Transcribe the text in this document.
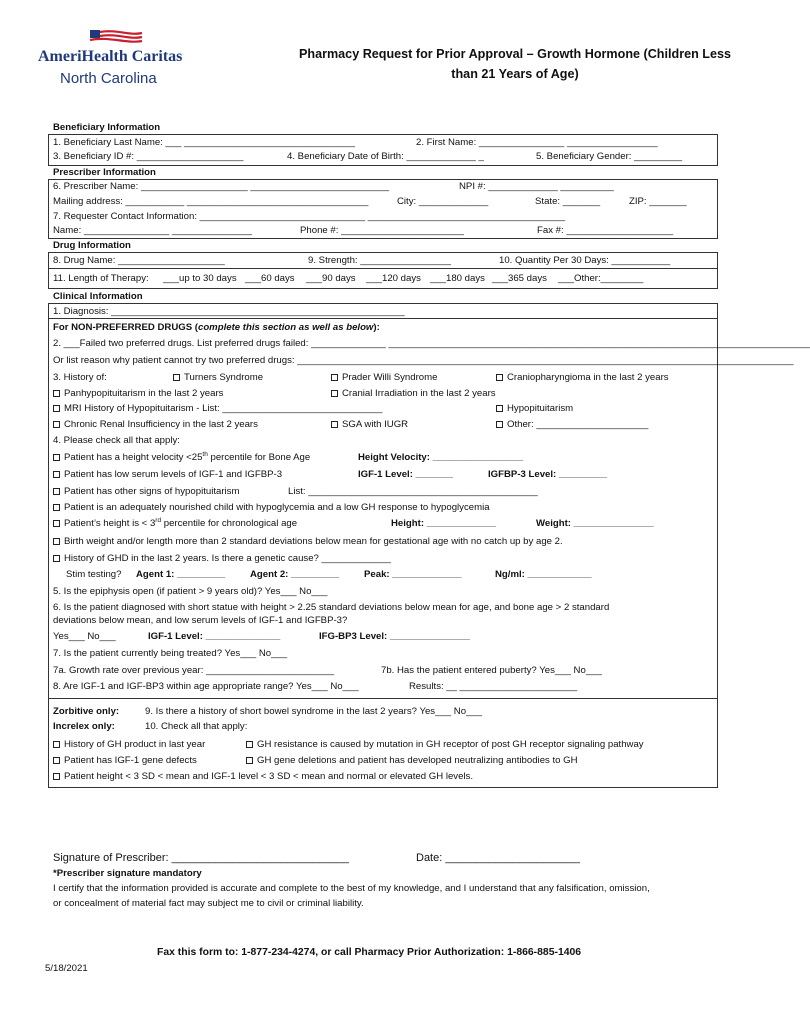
AmeriHealth Caritas
North Carolina
Pharmacy Request for Prior Approval – Growth Hormone (Children Less
than 21 Years of Age)
Beneficiary Information
1. Beneficiary Last Name: ___ ________________________________	2. First Name: ________________ _________________
3. Beneficiary ID #: ____________________	4. Beneficiary Date of Birth: _____________ _	5. Beneficiary Gender: _________
Prescriber Information
6. Prescriber Name: ____________________ __________________________	NPI #: _____________ __________
Mailing address: ___________ __________________________________	City: _____________	State: _______	ZIP: _______
7. Requester Contact Information: _______________________________ _____________________________________
Name: ________________ _______________	Phone #: _______________________	Fax #: ____________________
Drug Information
8. Drug Name: ____________________	9. Strength: _________________	10. Quantity Per 30 Days: ___________
11. Length of Therapy: ___up to 30 days ___60 days ___90 days ___120 days ___180 days ___365 days ___Other:________
Clinical Information
1. Diagnosis: _______________________________________________________
For NON-PREFERRED DRUGS (complete this section as well as below):
2. ___Failed two preferred drugs. List preferred drugs failed: ______________ _______________________________________________________________________________
Or list reason why patient cannot try two preferred drugs: _____________________________________________________________________________________________
3. History of:	Turners Syndrome	Prader Willi Syndrome	Craniopharyngioma in the last 2 years
Panhypopituitarism in the last 2 years	Cranial Irradiation in the last 2 years
MRI History of Hypopituitarism - List: ______________________________	Hypopituitarism
Chronic Renal Insufficiency in the last 2 years	SGA with IUGR	Other: _____________________
4. Please check all that apply:
Patient has a height velocity <25th percentile for Bone Age	Height Velocity: _________________
Patient has low serum levels of IGF-1 and IGFBP-3	IGF-1 Level: _______	IGFBP-3 Level: _________
Patient has other signs of hypopituitarism	List: ___________________________________________
Patient is an adequately nourished child with hypoglycemia and a low GH response to hypoglycemia
Patient’s height is < 3rd percentile for chronological age	Height: _____________	Weight: _______________
Birth weight and/or length more than 2 standard deviations below mean for gestational age with no catch up by age 2.
History of GHD in the last 2 years. Is there a genetic cause? _____________
Stim testing? Agent 1: _________	Agent 2: _________	Peak: _____________	Ng/ml: ____________
5. Is the epiphysis open (if patient > 9 years old)? Yes___ No___
6. Is the patient diagnosed with short statue with height > 2.25 standard deviations below mean for age, and bone age > 2 standard
deviations below mean, and low serum levels of IGF-1 and IGFBP-3?
Yes___ No___	IGF-1 Level: ______________	IFG-BP3 Level: _______________
7. Is the patient currently being treated? Yes___ No___
7a. Growth rate over previous year: ________________________	7b. Has the patient entered puberty? Yes___ No___
8. Are IGF-1 and IGF-BP3 within age appropriate range? Yes___ No___	Results: __ ______________________
Zorbitive only:	9. Is there a history of short bowel syndrome in the last 2 years? Yes___ No___
Increlex only:	10. Check all that apply:
History of GH product in last year	GH resistance is caused by mutation in GH receptor of post GH receptor signaling pathway
Patient has IGF-1 gene defects	GH gene deletions and patient has developed neutralizing antibodies to GH
Patient height < 3 SD < mean and IGF-1 level < 3 SD < mean and normal or elevated GH levels.
Signature of Prescriber: _____________________________	Date: ______________________
*Prescriber signature mandatory
I certify that the information provided is accurate and complete to the best of my knowledge, and I understand that any falsification, omission,
or concealment of material fact may subject me to civil or criminal liability.
Fax this form to: 1-877-234-4274, or call Pharmacy Prior Authorization: 1-866-885-1406
5/18/2021
